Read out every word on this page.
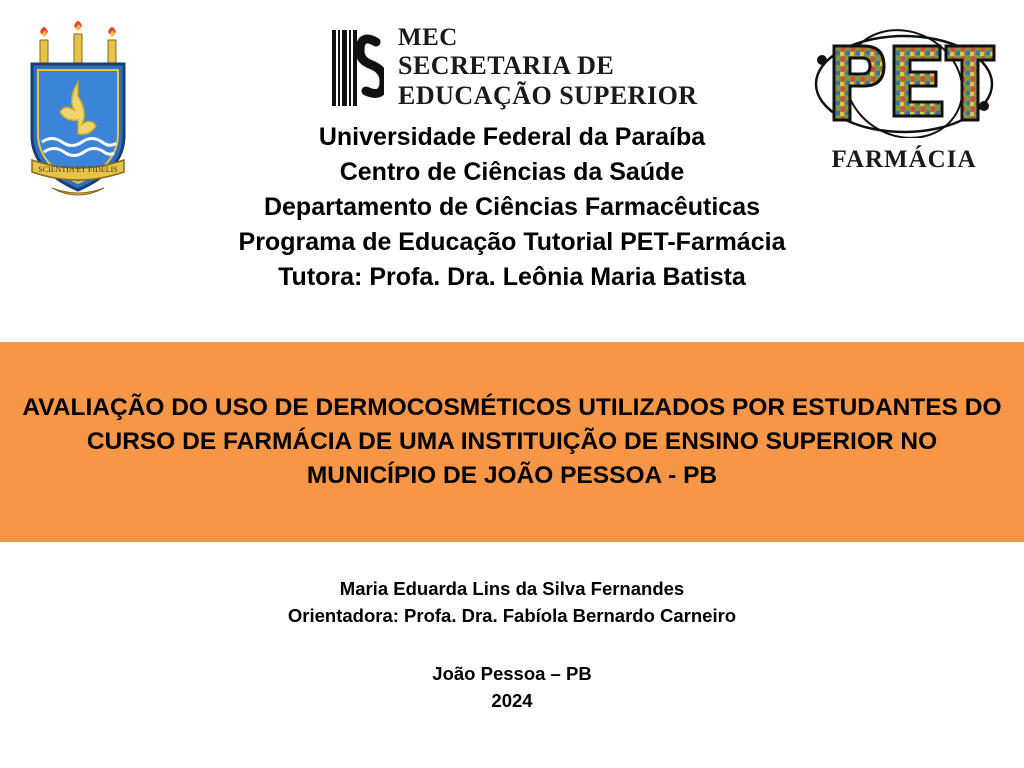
SCIENTIA ET FIDELIS
MEC
SECRETARIA DE
EDUCAÇÃO SUPERIOR
FARMÁCIA
Universidade Federal da Paraíba
Centro de Ciências da Saúde
Departamento de Ciências Farmacêuticas
Programa de Educação Tutorial PET-Farmácia
Tutora: Profa. Dra. Leônia Maria Batista
AVALIAÇÃO DO USO DE DERMOCOSMÉTICOS UTILIZADOS POR ESTUDANTES DO CURSO DE FARMÁCIA DE UMA INSTITUIÇÃO DE ENSINO SUPERIOR NO MUNICÍPIO DE JOÃO PESSOA - PB
Maria Eduarda Lins da Silva Fernandes
Orientadora: Profa. Dra. Fabíola Bernardo Carneiro
João Pessoa – PB
2024
